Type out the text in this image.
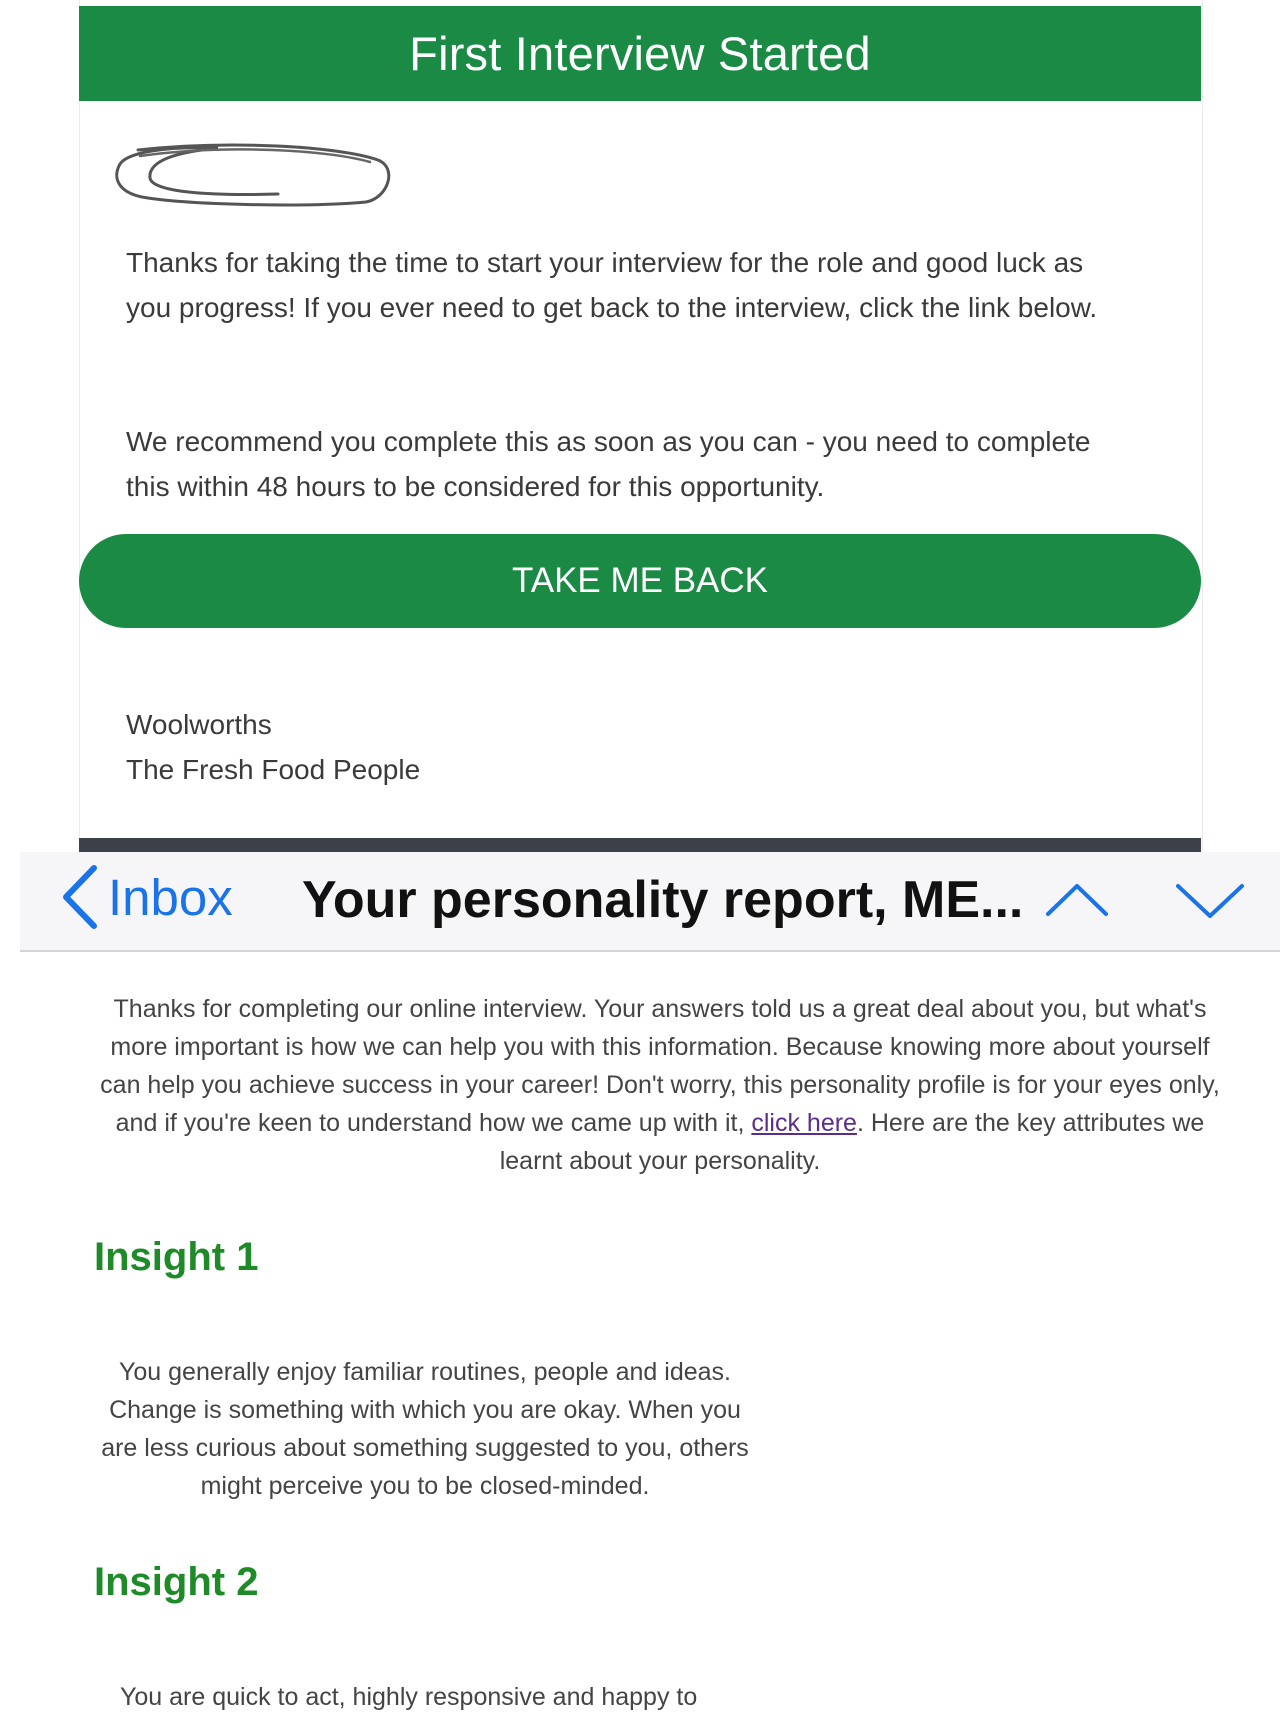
First Interview Started
Thanks for taking the time to start your interview for the role and good luck as you progress! If you ever need to get back to the interview, click the link below.
We recommend you complete this as soon as you can - you need to complete this within 48 hours to be considered for this opportunity.
TAKE ME BACK
Woolworths
The Fresh Food People
Inbox Your personality report, ME...
Thanks for completing our online interview. Your answers told us a great deal about you, but what's more important is how we can help you with this information. Because knowing more about yourself can help you achieve success in your career! Don't worry, this personality profile is for your eyes only, and if you're keen to understand how we came up with it, click here. Here are the key attributes we learnt about your personality.
Insight 1
You generally enjoy familiar routines, people and ideas. Change is something with which you are okay. When you are less curious about something suggested to you, others might perceive you to be closed-minded.
Insight 2
You are quick to act, highly responsive and happy to
